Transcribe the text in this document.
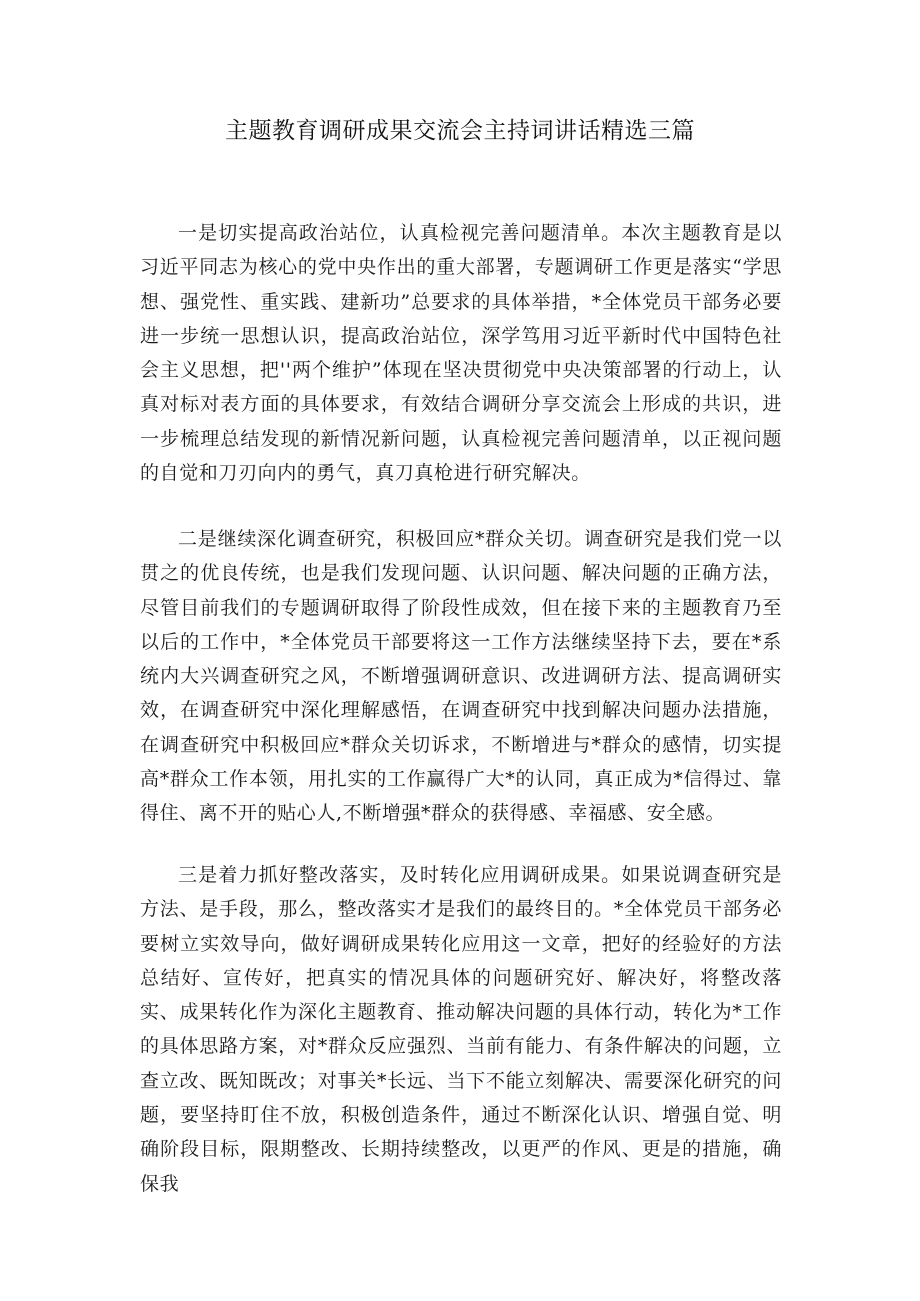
主题教育调研成果交流会主持词讲话精选三篇

一是切实提高政治站位，认真检视完善问题清单。本次主题教育是以习近平同志为核心的党中央作出的重大部署，专题调研工作更是落实“学思想、强党性、重实践、建新功”总要求的具体举措，*全体党员干部务必要进一步统一思想认识，提高政治站位，深学笃用习近平新时代中国特色社会主义思想，把''两个维护”体现在坚决贯彻党中央决策部署的行动上，认真对标对表方面的具体要求，有效结合调研分享交流会上形成的共识，进一步梳理总结发现的新情况新问题，认真检视完善问题清单，以正视问题的自觉和刀刃向内的勇气，真刀真枪进行研究解决。

二是继续深化调查研究，积极回应*群众关切。调查研究是我们党一以贯之的优良传统，也是我们发现问题、认识问题、解决问题的正确方法，尽管目前我们的专题调研取得了阶段性成效，但在接下来的主题教育乃至以后的工作中，*全体党员干部要将这一工作方法继续坚持下去，要在*系统内大兴调查研究之风，不断增强调研意识、改进调研方法、提高调研实效，在调查研究中深化理解感悟，在调查研究中找到解决问题办法措施，在调查研究中积极回应*群众关切诉求，不断增进与*群众的感情，切实提高*群众工作本领，用扎实的工作赢得广大*的认同，真正成为*信得过、靠得住、离不开的贴心人,不断增强*群众的获得感、幸福感、安全感。

三是着力抓好整改落实，及时转化应用调研成果。如果说调查研究是方法、是手段，那么，整改落实才是我们的最终目的。*全体党员干部务必要树立实效导向，做好调研成果转化应用这一文章，把好的经验好的方法总结好、宣传好，把真实的情况具体的问题研究好、解决好，将整改落实、成果转化作为深化主题教育、推动解决问题的具体行动，转化为*工作的具体思路方案，对*群众反应强烈、当前有能力、有条件解决的问题，立查立改、既知既改；对事关*长远、当下不能立刻解决、需要深化研究的问题，要坚持盯住不放，积极创造条件，通过不断深化认识、增强自觉、明确阶段目标，限期整改、长期持续整改，以更严的作风、更是的措施，确保我
